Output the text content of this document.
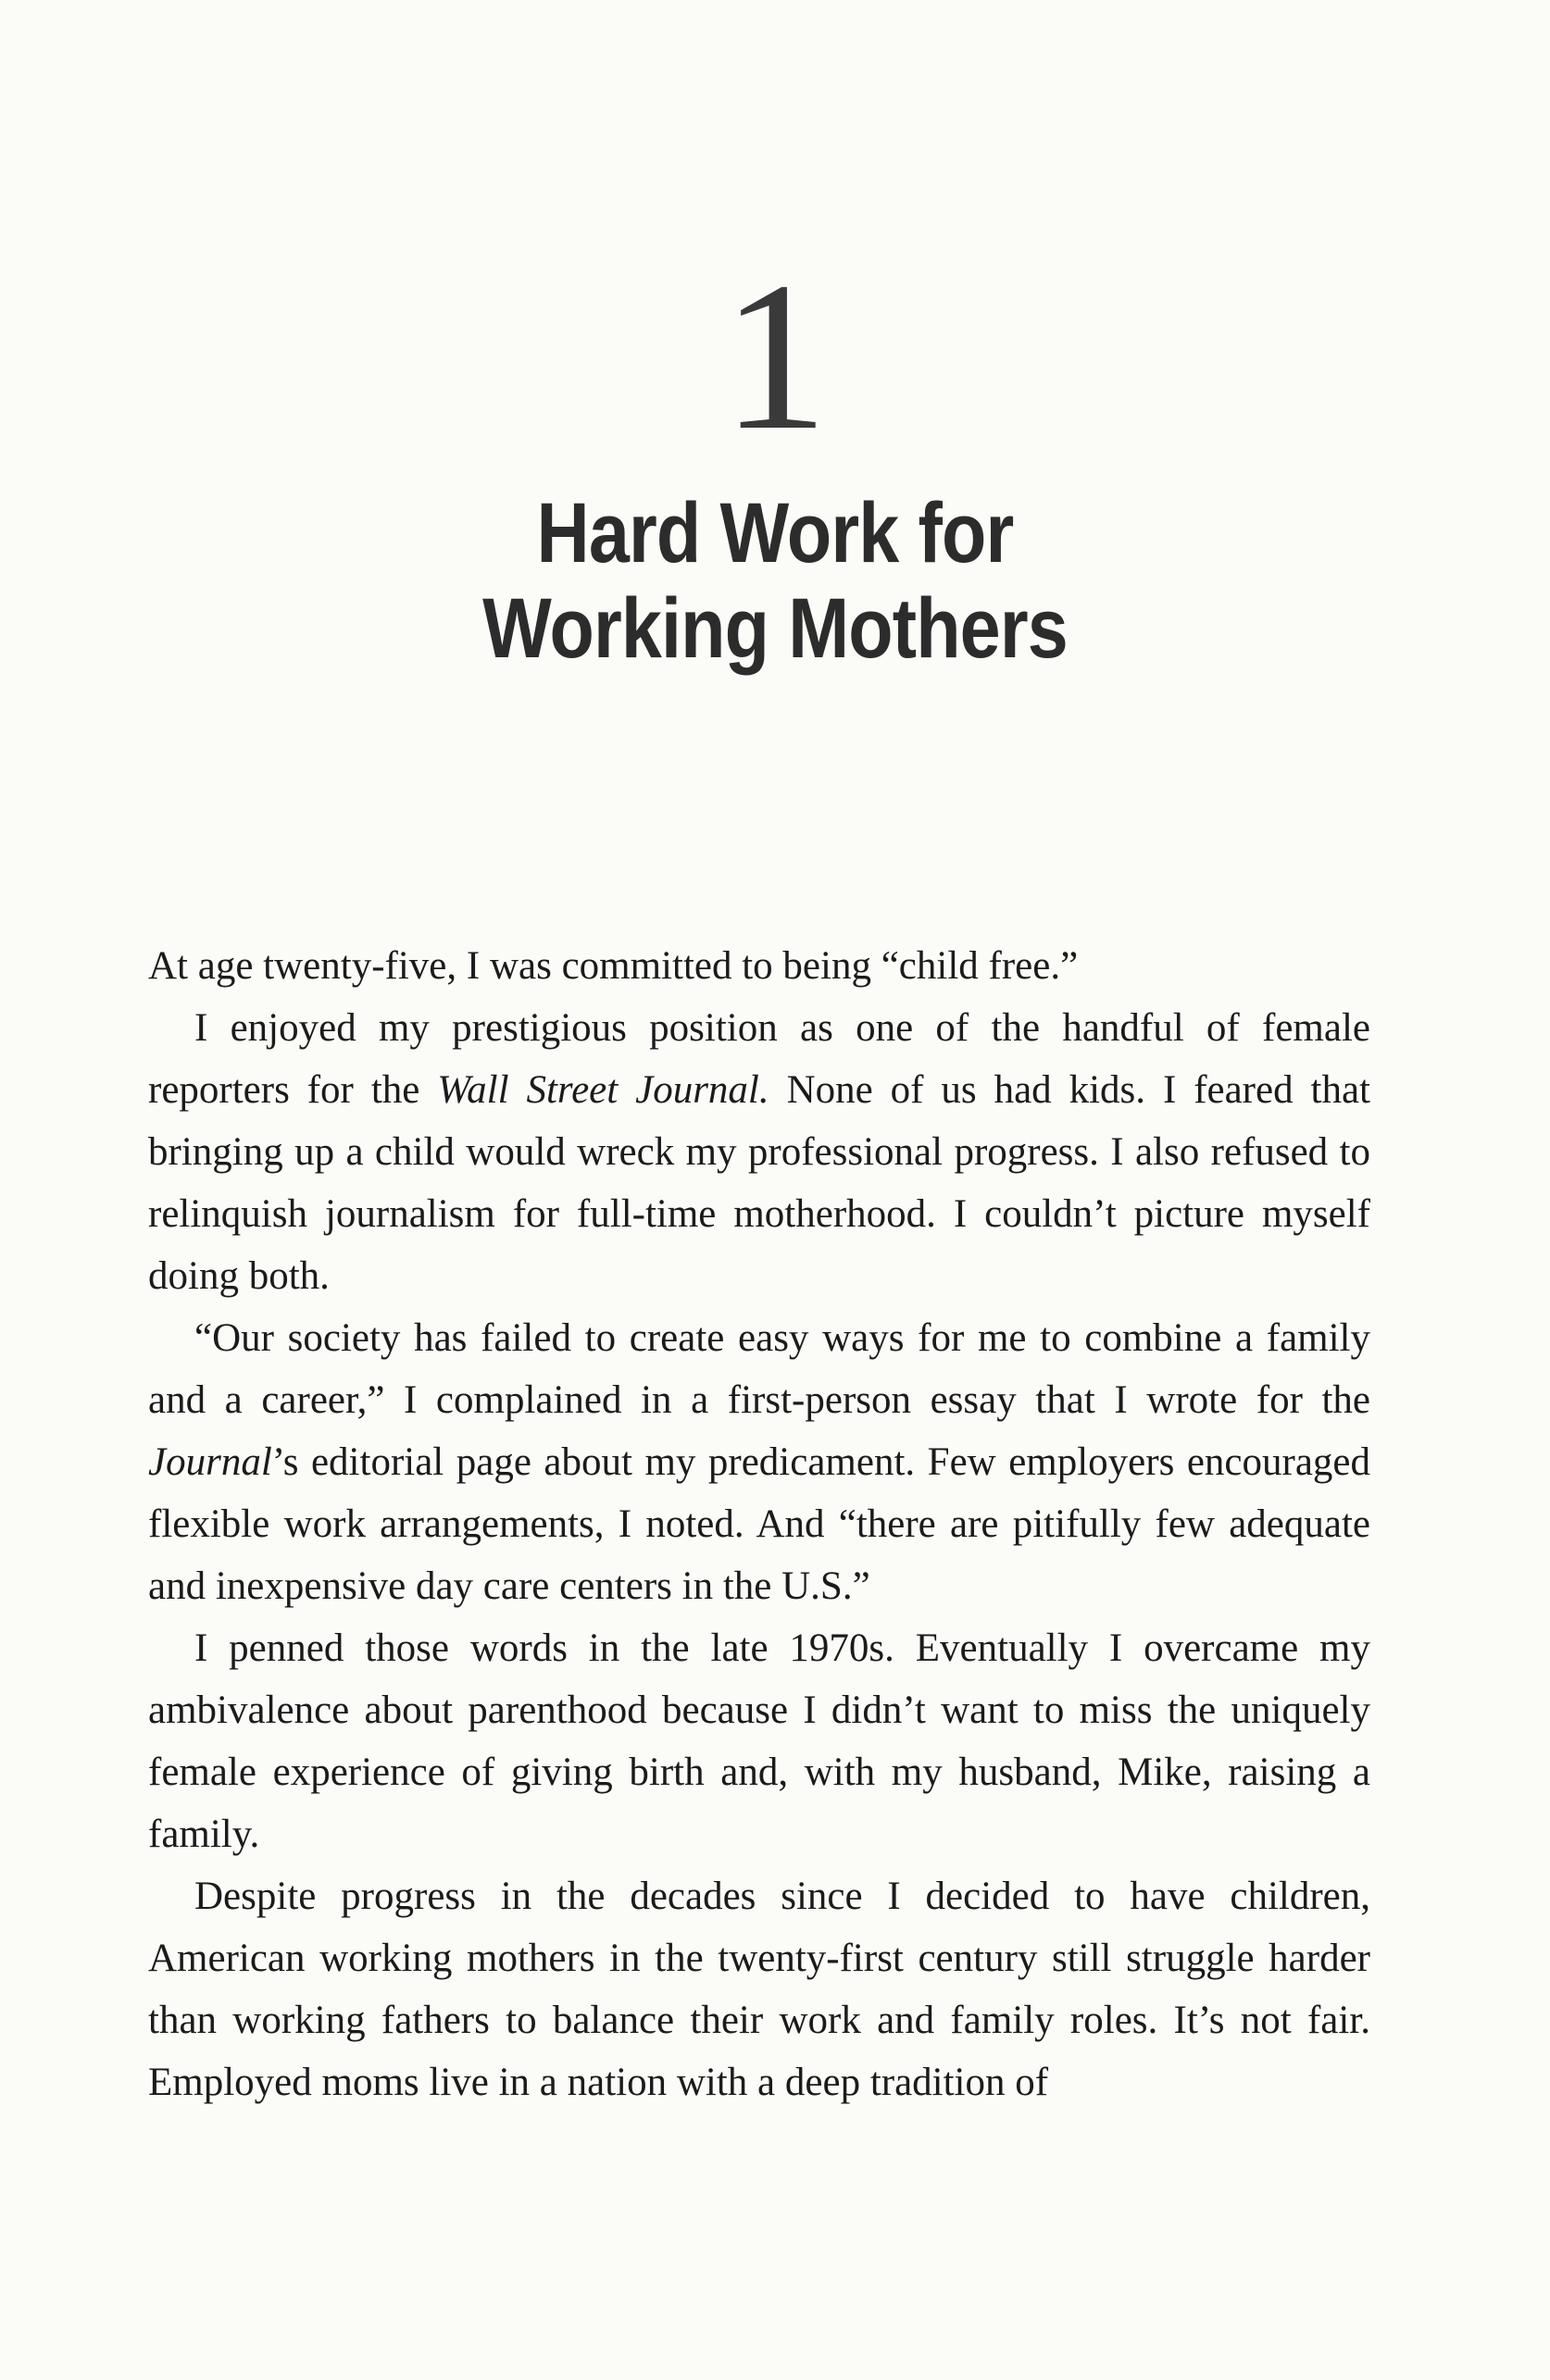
1
Hard Work for
Working Mothers

At age twenty-five, I was committed to being “child free.”

I enjoyed my prestigious position as one of the handful of female reporters for the Wall Street Journal. None of us had kids. I feared that bringing up a child would wreck my professional progress. I also refused to relinquish journalism for full-time motherhood. I couldn’t picture myself doing both.

“Our society has failed to create easy ways for me to combine a family and a career,” I complained in a first-person essay that I wrote for the Journal’s editorial page about my predicament. Few employers encouraged flexible work arrangements, I noted. And “there are pitifully few adequate and inexpensive day care centers in the U.S.”

I penned those words in the late 1970s. Eventually I overcame my ambivalence about parenthood because I didn’t want to miss the uniquely female experience of giving birth and, with my husband, Mike, raising a family.

Despite progress in the decades since I decided to have children, American working mothers in the twenty-first century still struggle harder than working fathers to balance their work and family roles. It’s not fair. Employed moms live in a nation with a deep tradition of
